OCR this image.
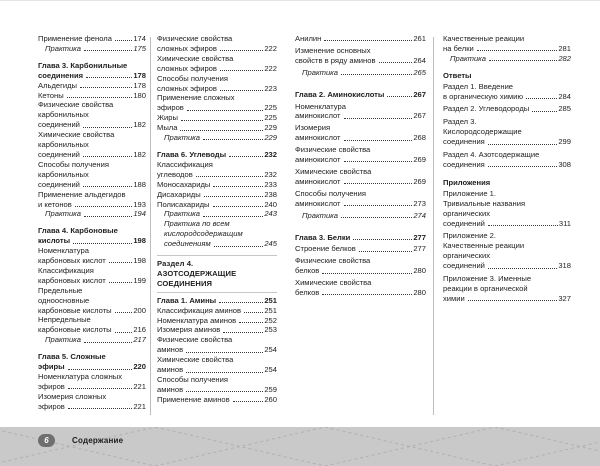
Применение фенола	174
Практика	175
Глава 3. Карбонильные
соединения	178
Альдегиды	178
Кетоны	180
Физические свойства
карбонильных
соединений	182
Химические свойства
карбонильных
соединений	182
Способы получения
карбонильных
соединений	188
Применение альдегидов
и кетонов	193
Практика	194
Глава 4. Карбоновые
кислоты	198
Номенклатура
карбоновых кислот	198
Классификация
карбоновых кислот	199
Предельные
одноосновные
карбоновые кислоты	200
Непредельные
карбоновые кислоты	216
Практика	217
Глава 5. Сложные
эфиры	220
Номенклатура сложных
эфиров	221
Изомерия сложных
эфиров	221
Физические свойства
сложных эфиров	222
Химические свойства
сложных эфиров	222
Способы получения
сложных эфиров	223
Применение сложных
эфиров	225
Жиры	225
Мыла	229
Практика	229
Глава 6. Углеводы	232
Классификация
углеводов	232
Моносахариды	233
Дисахариды	238
Полисахариды	240
Практика	243
Практика по всем
кислородсодержащим
соединениям	245
Раздел 4.
АЗОТСОДЕРЖАЩИЕ
СОЕДИНЕНИЯ
Глава 1. Амины	251
Классификация аминов	251
Номенклатура аминов	252
Изомерия аминов	253
Физические свойства
аминов	254
Химические свойства
аминов	254
Способы получения
аминов	259
Применение аминов	260
Анилин	261
Изменение основных
свойств в ряду аминов	264
Практика	265
Глава 2. Аминокислоты	267
Номенклатура
аминокислот	267
Изомерия
аминокислот	268
Физические свойства
аминокислот	269
Химические свойства
аминокислот	269
Способы получения
аминокислот	273
Практика	274
Глава 3. Белки	277
Строение белков	277
Физические свойства
белков	280
Химические свойства
белков	280
Качественные реакции
на белки	281
Практика	282
Ответы
Раздел 1. Введение
в органическую химию	284
Раздел 2. Углеводороды	285
Раздел 3.
Кислородсодержащие
соединения	299
Раздел 4. Азотсодержащие
соединения	308
Приложения
Приложение 1.
Тривиальные названия
органических
соединений	311
Приложение 2.
Качественные реакции
органических
соединений	318
Приложение 3. Именные
реакции в органической
химии	327
6	Содержание
